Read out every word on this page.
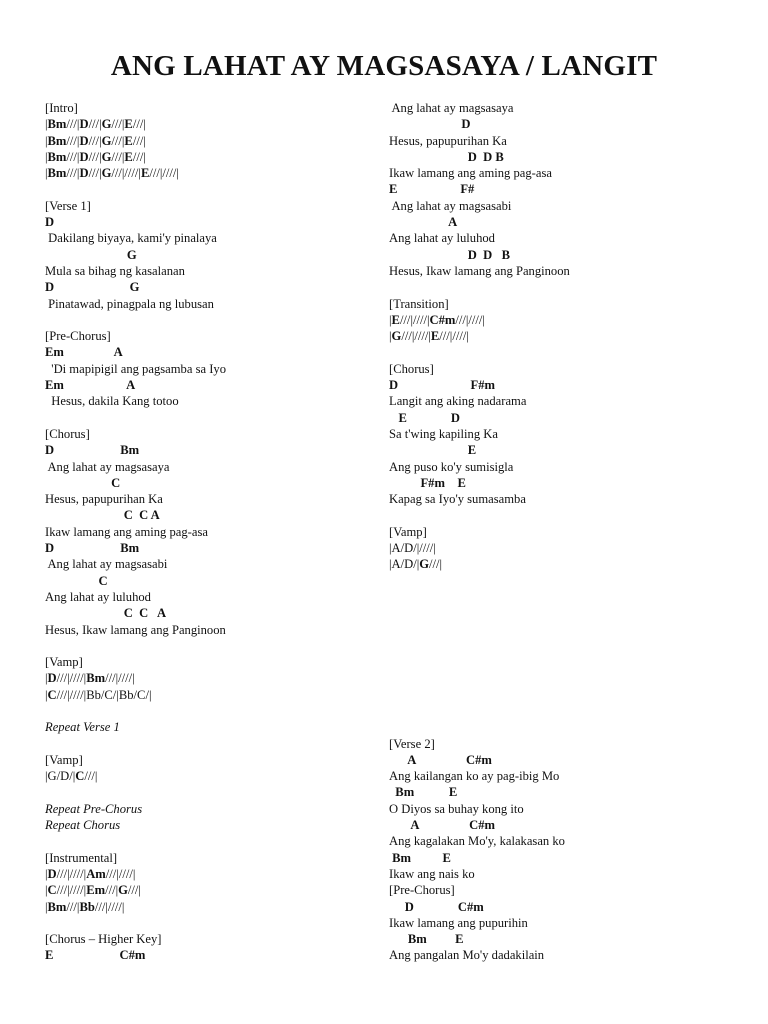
ANG LAHAT AY MAGSASAYA / LANGIT
[Intro]
|Bm///|D///|G///|E///|
|Bm///|D///|G///|E///|
|Bm///|D///|G///|E///|
|Bm///|D///|G///|////|E///|////|
[Verse 1]
D
Dakilang biyaya, kami'y pinalaya
G
Mula sa bihag ng kasalanan
D                        G
Pinatawad, pinagpala ng lubusan
[Pre-Chorus]
Em                A
'Di mapipigil ang pagsamba sa Iyo
Em                    A
Hesus, dakila Kang totoo
[Chorus]
D                     Bm
Ang lahat ay magsasaya
C
Hesus, papupurihan Ka
C  C A
Ikaw lamang ang aming pag-asa
D                     Bm
Ang lahat ay magsasabi
C
Ang lahat ay luluhod
C  C   A
Hesus, Ikaw lamang ang Panginoon
[Vamp]
|D///|////|Bm///|////|
|C///|////|Bb/C/|Bb/C/|
Repeat Verse 1
[Vamp]
|G/D/|C///|
Repeat Pre-Chorus
Repeat Chorus
[Instrumental]
|D///|////|Am///|////|
|C///|////|Em///|G///|
|Bm///|Bb///|////|
[Chorus – Higher Key]
E                     C#m
Ang lahat ay magsasaya
D
Hesus, papupurihan Ka
D  D B
Ikaw lamang ang aming pag-asa
E                    F#
Ang lahat ay magsasabi
A
Ang lahat ay luluhod
D  D   B
Hesus, Ikaw lamang ang Panginoon
[Transition]
|E///|////|C#m///|////|
|G///|////|E///|////|
[Chorus]
D                       F#m
Langit ang aking nadarama
E              D
Sa t'wing kapiling Ka
E
Ang puso ko'y sumisigla
F#m    E
Kapag sa Iyo'y sumasamba
[Vamp]
|A/D/|////|
|A/D/|G///|
[Verse 2]
A                C#m
Ang kailangan ko ay pag-ibig Mo
Bm           E
O Diyos sa buhay kong ito
A                C#m
Ang kagalakan Mo'y, kalakasan ko
Bm          E
Ikaw ang nais ko
[Pre-Chorus]
D              C#m
Ikaw lamang ang pupurihin
Bm         E
Ang pangalan Mo'y dadakilain
